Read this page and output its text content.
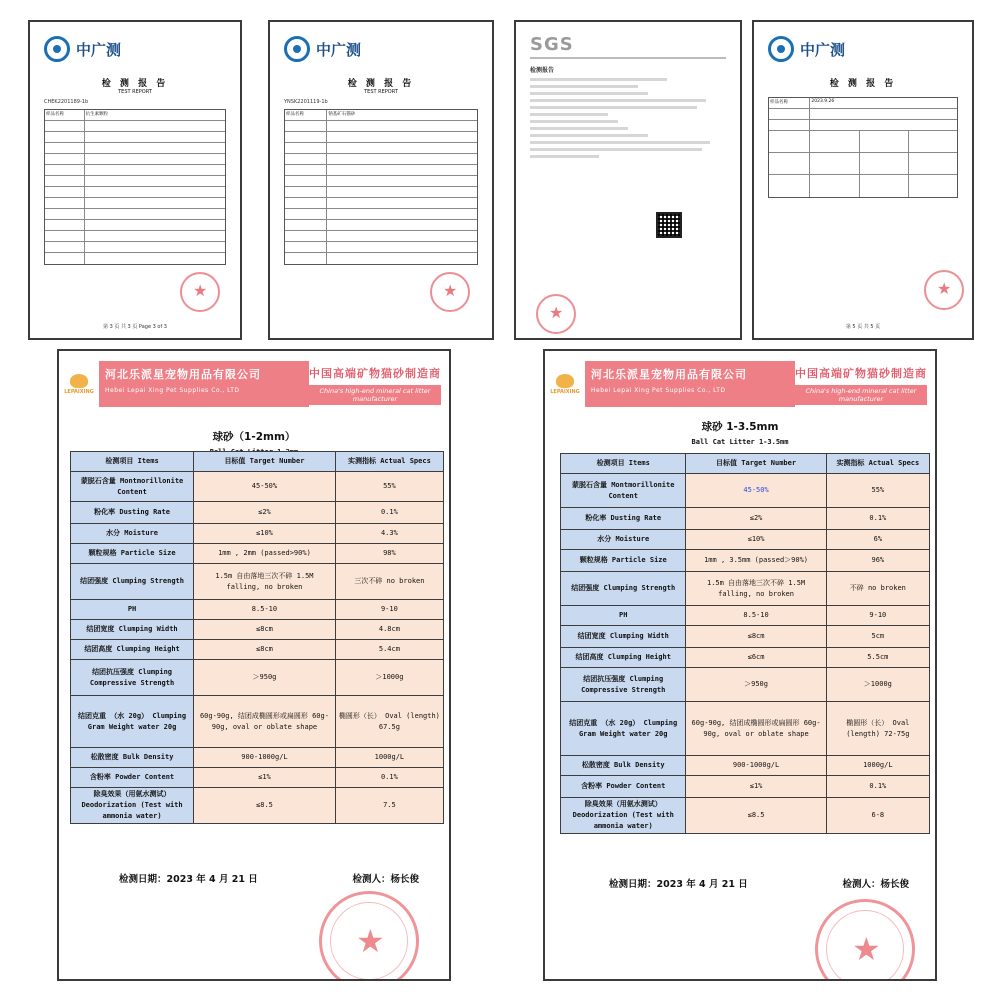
中广测
检 测 报 告
TEST REPORT
CHEK2201189-1b
样品名称	抗生素颗粒
★
第 3 页 共 3 页 Page 3 of 3
中广测
检 测 报 告
TEST REPORT
YNSK2201119-1b
样品名称	钠基矿石猫砂
★
SGS
检测报告
★
中广测
检 测 报 告
样品名称	2023.9.26
★
第 5 页 共 5 页
LEPAIXING
河北乐派星宠物用品有限公司
Hebei Lepai Xing Pet Supplies Co., LTD
中国高端矿物猫砂制造商
China's high-end mineral cat litter manufacturer
球砂（1-2mm）
检测项目 Items	目标值 Target Number	实测指标 Actual Specs
蒙脱石含量 Montmorillonite Content	45-50%	55%
粉化率 Dusting Rate	≤2%	0.1%
水分 Moisture	≤10%	4.3%
颗粒规格 Particle Size	1mm , 2mm (passed>90%)	98%
结团强度 Clumping Strength	1.5m 自由落地三次不碎 1.5M falling, no broken	三次不碎 no broken
PH	8.5-10	9-10
结团宽度 Clumping Width	≤8cm	4.8cm
结团高度 Clumping Height	≤8cm	5.4cm
结团抗压强度 Clumping Compressive Strength	＞950g	＞1000g
结团克重 （水 20g） Clumping Gram Weight water 20g	60g-90g, 结团成椭圆形或扁圆形 60g-90g, oval or oblate shape	椭圆形（长） Oval (length) 67.5g
松散密度 Bulk Density	900-1000g/L	1000g/L
含粉率 Powder Content	≤1%	0.1%
除臭效果（用氨水测试） Deodorization (Test with ammonia water)	≤8.5	7.5
检测日期：2023 年 4 月 21 日	检测人：杨长俊
★
LEPAIXING
河北乐派星宠物用品有限公司
Hebei Lepai Xing Pet Supplies Co., LTD
中国高端矿物猫砂制造商
China's high-end mineral cat litter manufacturer
球砂 1-3.5mm
Ball Cat Litter 1-3.5mm
检测项目 Items	目标值 Target Number	实测指标 Actual Specs
蒙脱石含量 Montmorillonite Content	45-50%	55%
粉化率 Dusting Rate	≤2%	0.1%
水分 Moisture	≤10%	6%
颗粒规格 Particle Size	1mm , 3.5mm (passed＞90%)	96%
结团强度 Clumping Strength	1.5m 自由落地三次不碎 1.5M falling, no broken	不碎 no broken
PH	8.5-10	9-10
结团宽度 Clumping Width	≤8cm	5cm
结团高度 Clumping Height	≤6cm	5.5cm
结团抗压强度 Clumping Compressive Strength	＞950g	＞1000g
结团克重 （水 20g） Clumping Gram Weight water 20g	60g-90g, 结团成椭圆形或扁圆形 60g-90g, oval or oblate shape	椭圆形（长） Oval (length) 72-75g
松散密度 Bulk Density	900-1000g/L	1000g/L
含粉率 Powder Content	≤1%	0.1%
除臭效果（用氨水测试） Deodorization (Test with ammonia water)	≤8.5	6-8
检测日期：2023 年 4 月 21 日	检测人：杨长俊
★
